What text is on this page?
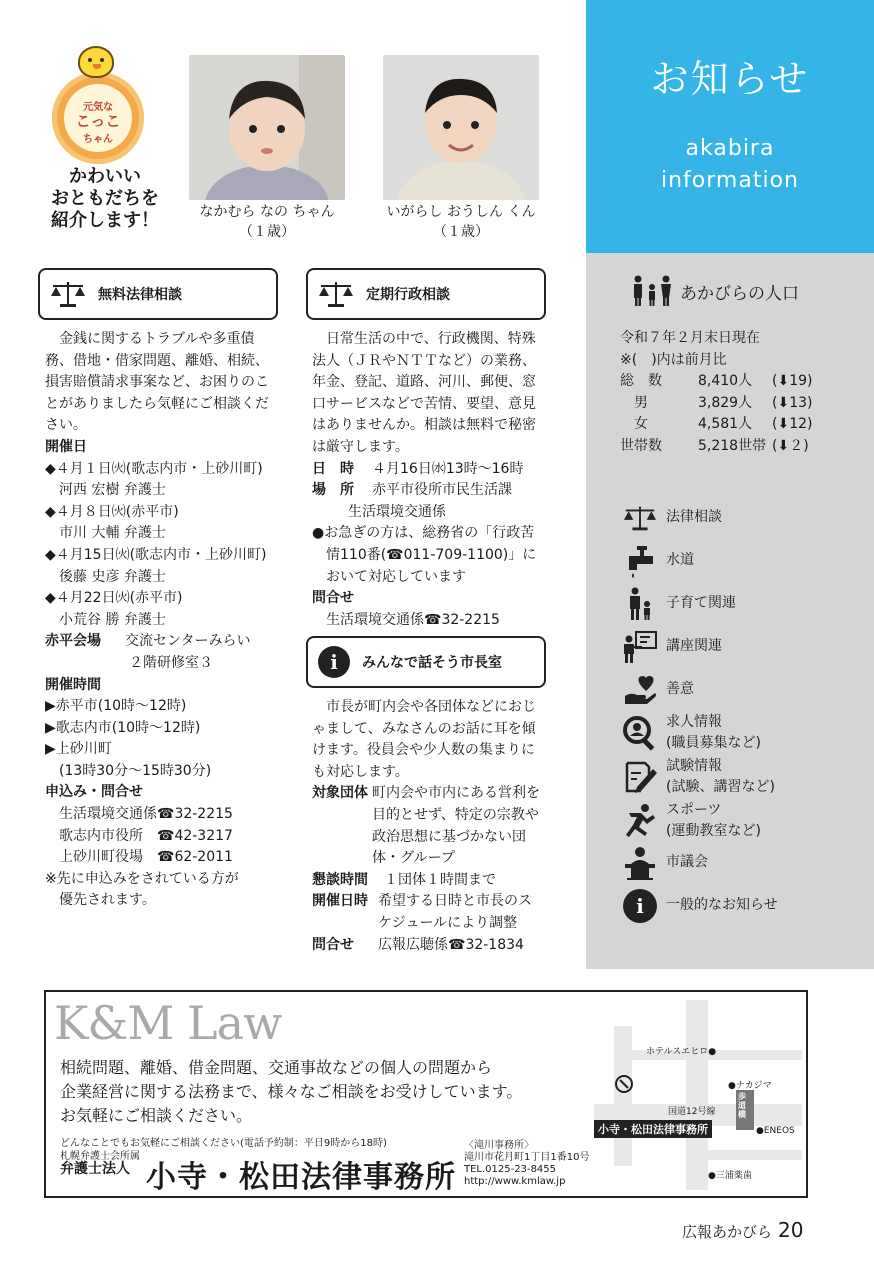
元気な
こっこ
ちゃん
かわいい
おともだちを
紹介します！	なかむら なの ちゃん
（１歳）
いがらし おうしん くん
（１歳）
無料法律相談
金銭に関するトラブルや多重債務、借地・借家問題、離婚、相続、損害賠償請求事案など、お困りのことがありましたら気軽にご相談ください。
開催日
◆４月１日㈫(歌志内市・上砂川町)
河西 宏樹 弁護士
◆４月８日㈫(赤平市)
市川 大輔 弁護士
◆４月15日㈫(歌志内市・上砂川町)
後藤 史彦 弁護士
◆４月22日㈫(赤平市)
小荒谷 勝 弁護士
赤平会場	交流センターみらい
２階研修室３
開催時間
▶赤平市(10時～12時)
▶歌志内市(10時～12時)
▶上砂川町
(13時30分～15時30分)
申込み・問合せ
生活環境交通係 ☎32-2215
歌志内市役所　 ☎42-3217
上砂川町役場　 ☎62-2011
※先に申込みをされている方が
優先されます。
定期行政相談
日常生活の中で、行政機関、特殊法人（ＪＲやＮＴＴなど）の業務、年金、登記、道路、河川、郵便、窓口サービスなどで苦情、要望、意見はありませんか。相談は無料で秘密は厳守します。
日　時	４月16日㈬13時～16時
場　所	赤平市役所市民生活課
生活環境交通係
●お急ぎの方は、総務省の「行政苦情110番(☎011-709-1100)」において対応しています
問合せ
生活環境交通係☎32-2215
i	みんなで話そう市長室
市長が町内会や各団体などにおじゃまして、みなさんのお話に耳を傾けます。役員会や少人数の集まりにも対応します。
対象団体 町内会や市内にある営利を目的とせず、特定の宗教や政治思想に基づかない団体・グループ
懇談時間	１団体１時間まで
開催日時 希望する日時と市長のスケジュールにより調整
問合せ	広報広聴係☎32-1834
お知らせ
akabira
information
あかびらの人口
令和７年２月末日現在
※(　)内は前月比
総　数	8,410人	(⬇19)
　男	3,829人	(⬇13)
　女	4,581人	(⬇12)
世帯数	5,218世帯 (⬇２)
法律相談
水道
子育て関連
講座関連
善意
求人情報
(職員募集など)
試験情報
(試験、講習など)
スポーツ
(運動教室など)
市議会
i	一般的なお知らせ
K&M Law
相続問題、離婚、借金問題、交通事故などの個人の問題から
企業経営に関する法務まで、様々なご相談をお受けしています。
お気軽にご相談ください。
どんなことでもお気軽にご相談ください(電話予約制：平日9時から18時)
札幌弁護士会所属
弁護士法人 小寺・松田法律事務所
〈滝川事務所〉
滝川市花月町1丁目1番10号
TEL.0125-23-8455
http://www.kmlaw.jp
ホテルスエヒロ●
●ナカジマ
国道12号線
歩道橋
小寺・松田法律事務所	●ENEOS
●三浦薬歯
広報あかびら 20
